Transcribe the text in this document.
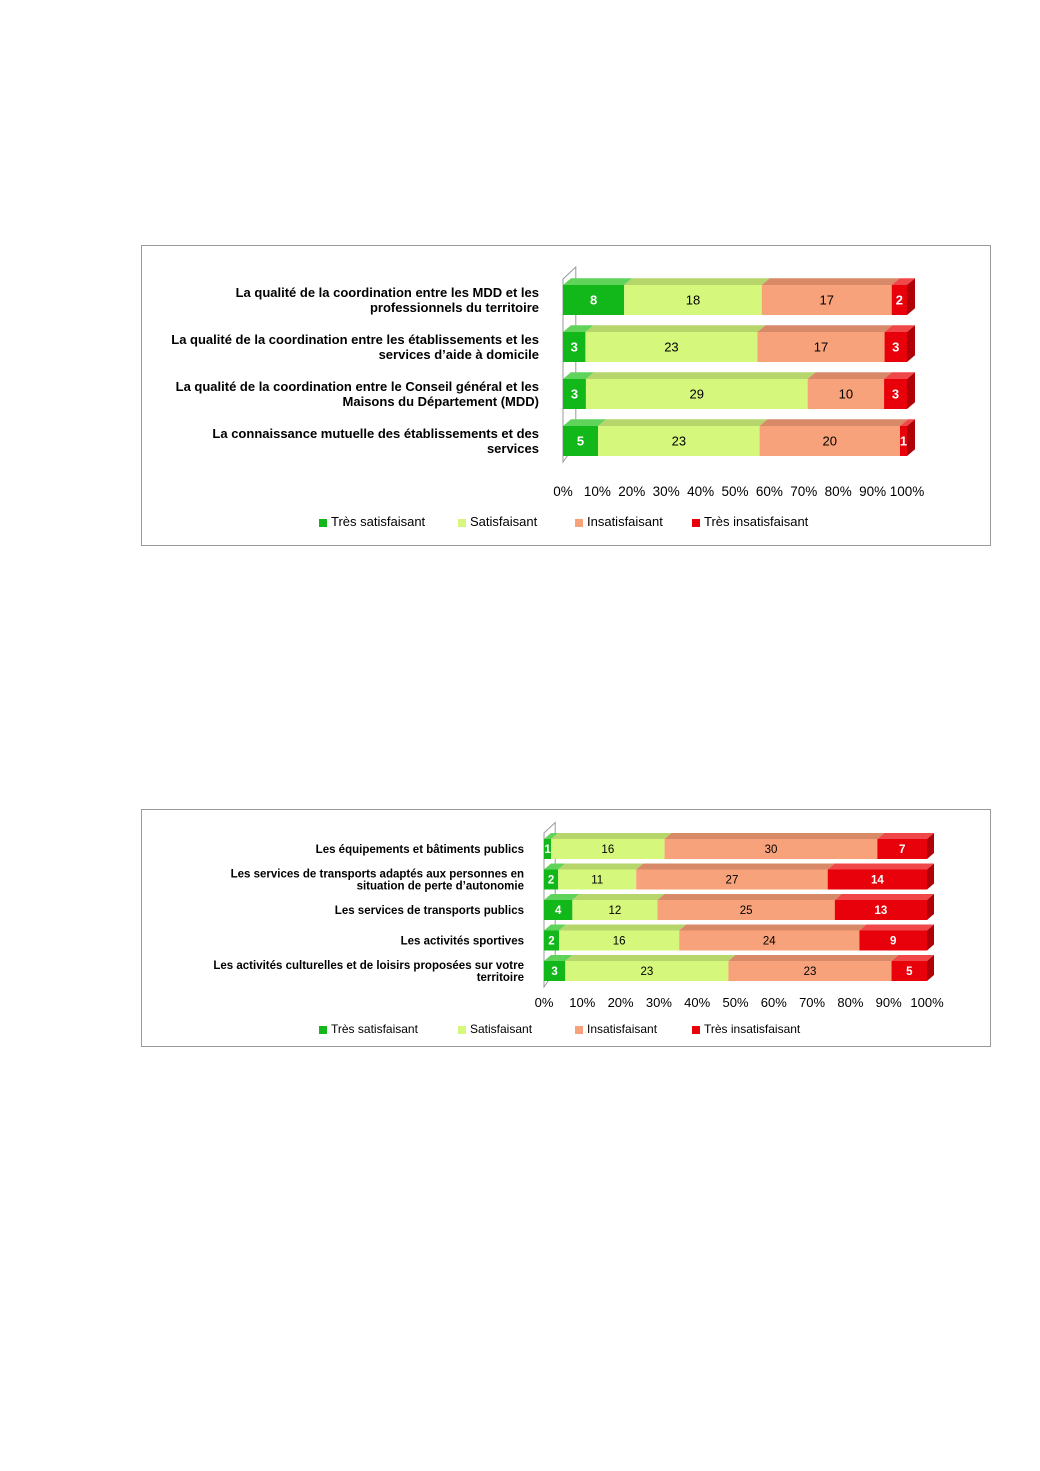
La qualité de la coordination entre les MDD et les professionnels du territoire	8	18	17	2
La qualité de la coordination entre les établissements et les services d’aide à domicile 3	23	17	3
La qualité de la coordination entre le Conseil général et les Maisons du Département (MDD) 3	29	10	3
La connaissance mutuelle des établissements et des services	5	23	20	1
0% 10% 20% 30% 40% 50% 60% 70% 80% 90% 100%
Très satisfaisant	Satisfaisant	Insatisfaisant	Très insatisfaisant
Les équipements et bâtiments publics 1	16	30	7
Les services de transports adaptés aux personnes en situation de perte d’autonomie 2	11	27	14
Les services de transports publics	4	12	25	13
Les activités sportives 2	16	24	9
Les activités culturelles et de loisirs proposées sur votre territoire 3	23	23	5
0% 10% 20% 30% 40% 50% 60% 70% 80% 90% 100%
Très satisfaisant	Satisfaisant	Insatisfaisant	Très insatisfaisant
